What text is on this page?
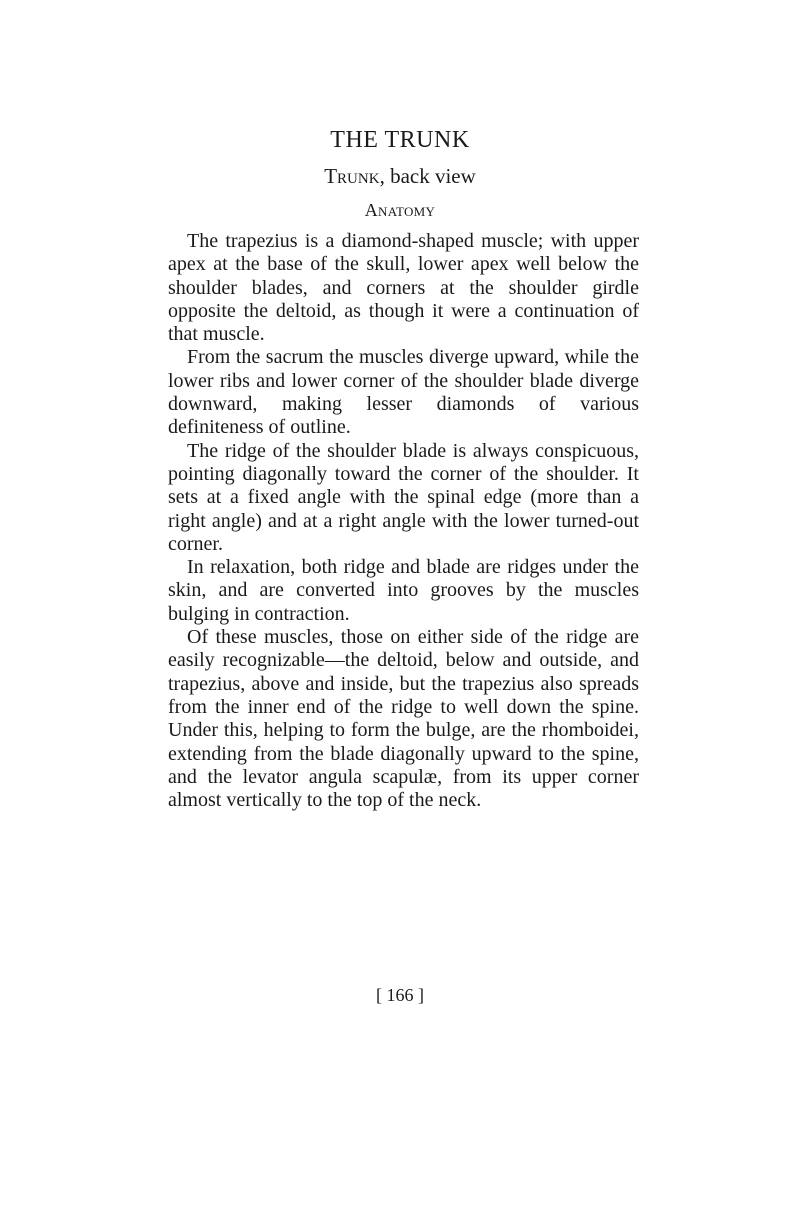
THE TRUNK
Trunk, back view
Anatomy

The trapezius is a diamond-shaped muscle; with upper apex at the base of the skull, lower apex well below the shoulder blades, and corners at the shoulder girdle opposite the deltoid, as though it were a continuation of that muscle.

From the sacrum the muscles diverge upward, while the lower ribs and lower corner of the shoulder blade diverge downward, making lesser diamonds of various definiteness of outline.

The ridge of the shoulder blade is always conspicuous, pointing diagonally toward the corner of the shoulder. It sets at a fixed angle with the spinal edge (more than a right angle) and at a right angle with the lower turned-out corner.

In relaxation, both ridge and blade are ridges under the skin, and are converted into grooves by the muscles bulging in contraction.

Of these muscles, those on either side of the ridge are easily recognizable—the deltoid, below and outside, and trapezius, above and inside, but the trapezius also spreads from the inner end of the ridge to well down the spine. Under this, helping to form the bulge, are the rhomboidei, extending from the blade diagonally upward to the spine, and the levator angula scapulæ, from its upper corner almost vertically to the top of the neck.

[ 166 ]
